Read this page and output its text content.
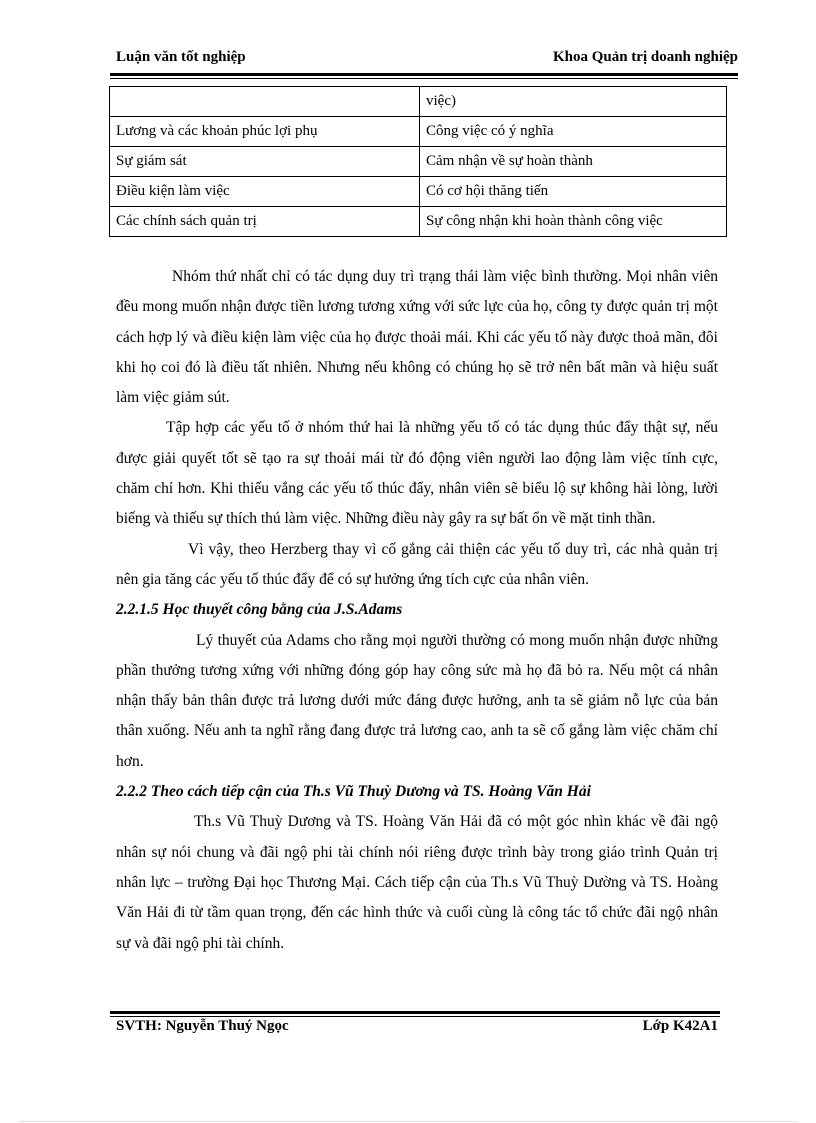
Luận văn tốt nghiệp	Khoa Quản trị doanh nghiệp
	việc)
Lương và các khoản phúc lợi phụ	Công việc có ý nghĩa
Sự giám sát	Cảm nhận về sự hoàn thành
Điều kiện làm việc	Có cơ hội thăng tiến
Các chính sách quản trị	Sự công nhận khi hoàn thành công việc

Nhóm thứ nhất chỉ có tác dụng duy trì trạng thái làm việc bình thường. Mọi nhân viên đều mong muốn nhận được tiền lương tương xứng với sức lực của họ, công ty được quản trị một cách hợp lý và điều kiện làm việc của họ được thoải mái. Khi các yếu tố này được thoả mãn, đôi khi họ coi đó là điều tất nhiên. Nhưng nếu không có chúng họ sẽ trở nên bất mãn và hiệu suất làm việc giảm sút.

Tập hợp các yếu tố ở nhóm thứ hai là những yếu tố có tác dụng thúc đẩy thật sự, nếu được giải quyết tốt sẽ tạo ra sự thoải mái từ đó động viên người lao động làm việc tính cực, chăm chỉ hơn. Khi thiếu vắng các yếu tố thúc đẩy, nhân viên sẽ biểu lộ sự không hài lòng, lười biếng và thiếu sự thích thú làm việc. Những điều này gây ra sự bất ổn về mặt tinh thần.

Vì vậy, theo Herzberg thay vì cố gắng cải thiện các yếu tố duy trì, các nhà quản trị nên gia tăng các yếu tố thúc đẩy để có sự hưởng ứng tích cực của nhân viên.

2.2.1.5 Học thuyết công bằng của J.S.Adams

Lý thuyết của Adams cho rằng mọi người thường có mong muốn nhận được những phần thưởng tương xứng với những đóng góp hay công sức mà họ đã bỏ ra. Nếu một cá nhân nhận thấy bản thân được trả lương dưới mức đáng được hưởng, anh ta sẽ giảm nỗ lực của bản thân xuống. Nếu anh ta nghĩ rằng đang được trả lương cao, anh ta sẽ cố gắng làm việc chăm chỉ hơn.

2.2.2 Theo cách tiếp cận của Th.s Vũ Thuỳ Dương và TS. Hoàng Văn Hải

Th.s Vũ Thuỳ Dương và TS. Hoàng Văn Hải đã có một góc nhìn khác về đãi ngộ nhân sự nói chung và đãi ngộ phi tài chính nói riêng được trình bày trong giáo trình Quản trị nhân lực – trường Đại học Thương Mại. Cách tiếp cận của Th.s Vũ Thuỳ Dường và TS. Hoàng Văn Hải đi từ tầm quan trọng, đến các hình thức và cuối cùng là công tác tổ chức đãi ngộ nhân sự và đãi ngộ phi tài chính.

SVTH: Nguyễn Thuý Ngọc	Lớp K42A1
